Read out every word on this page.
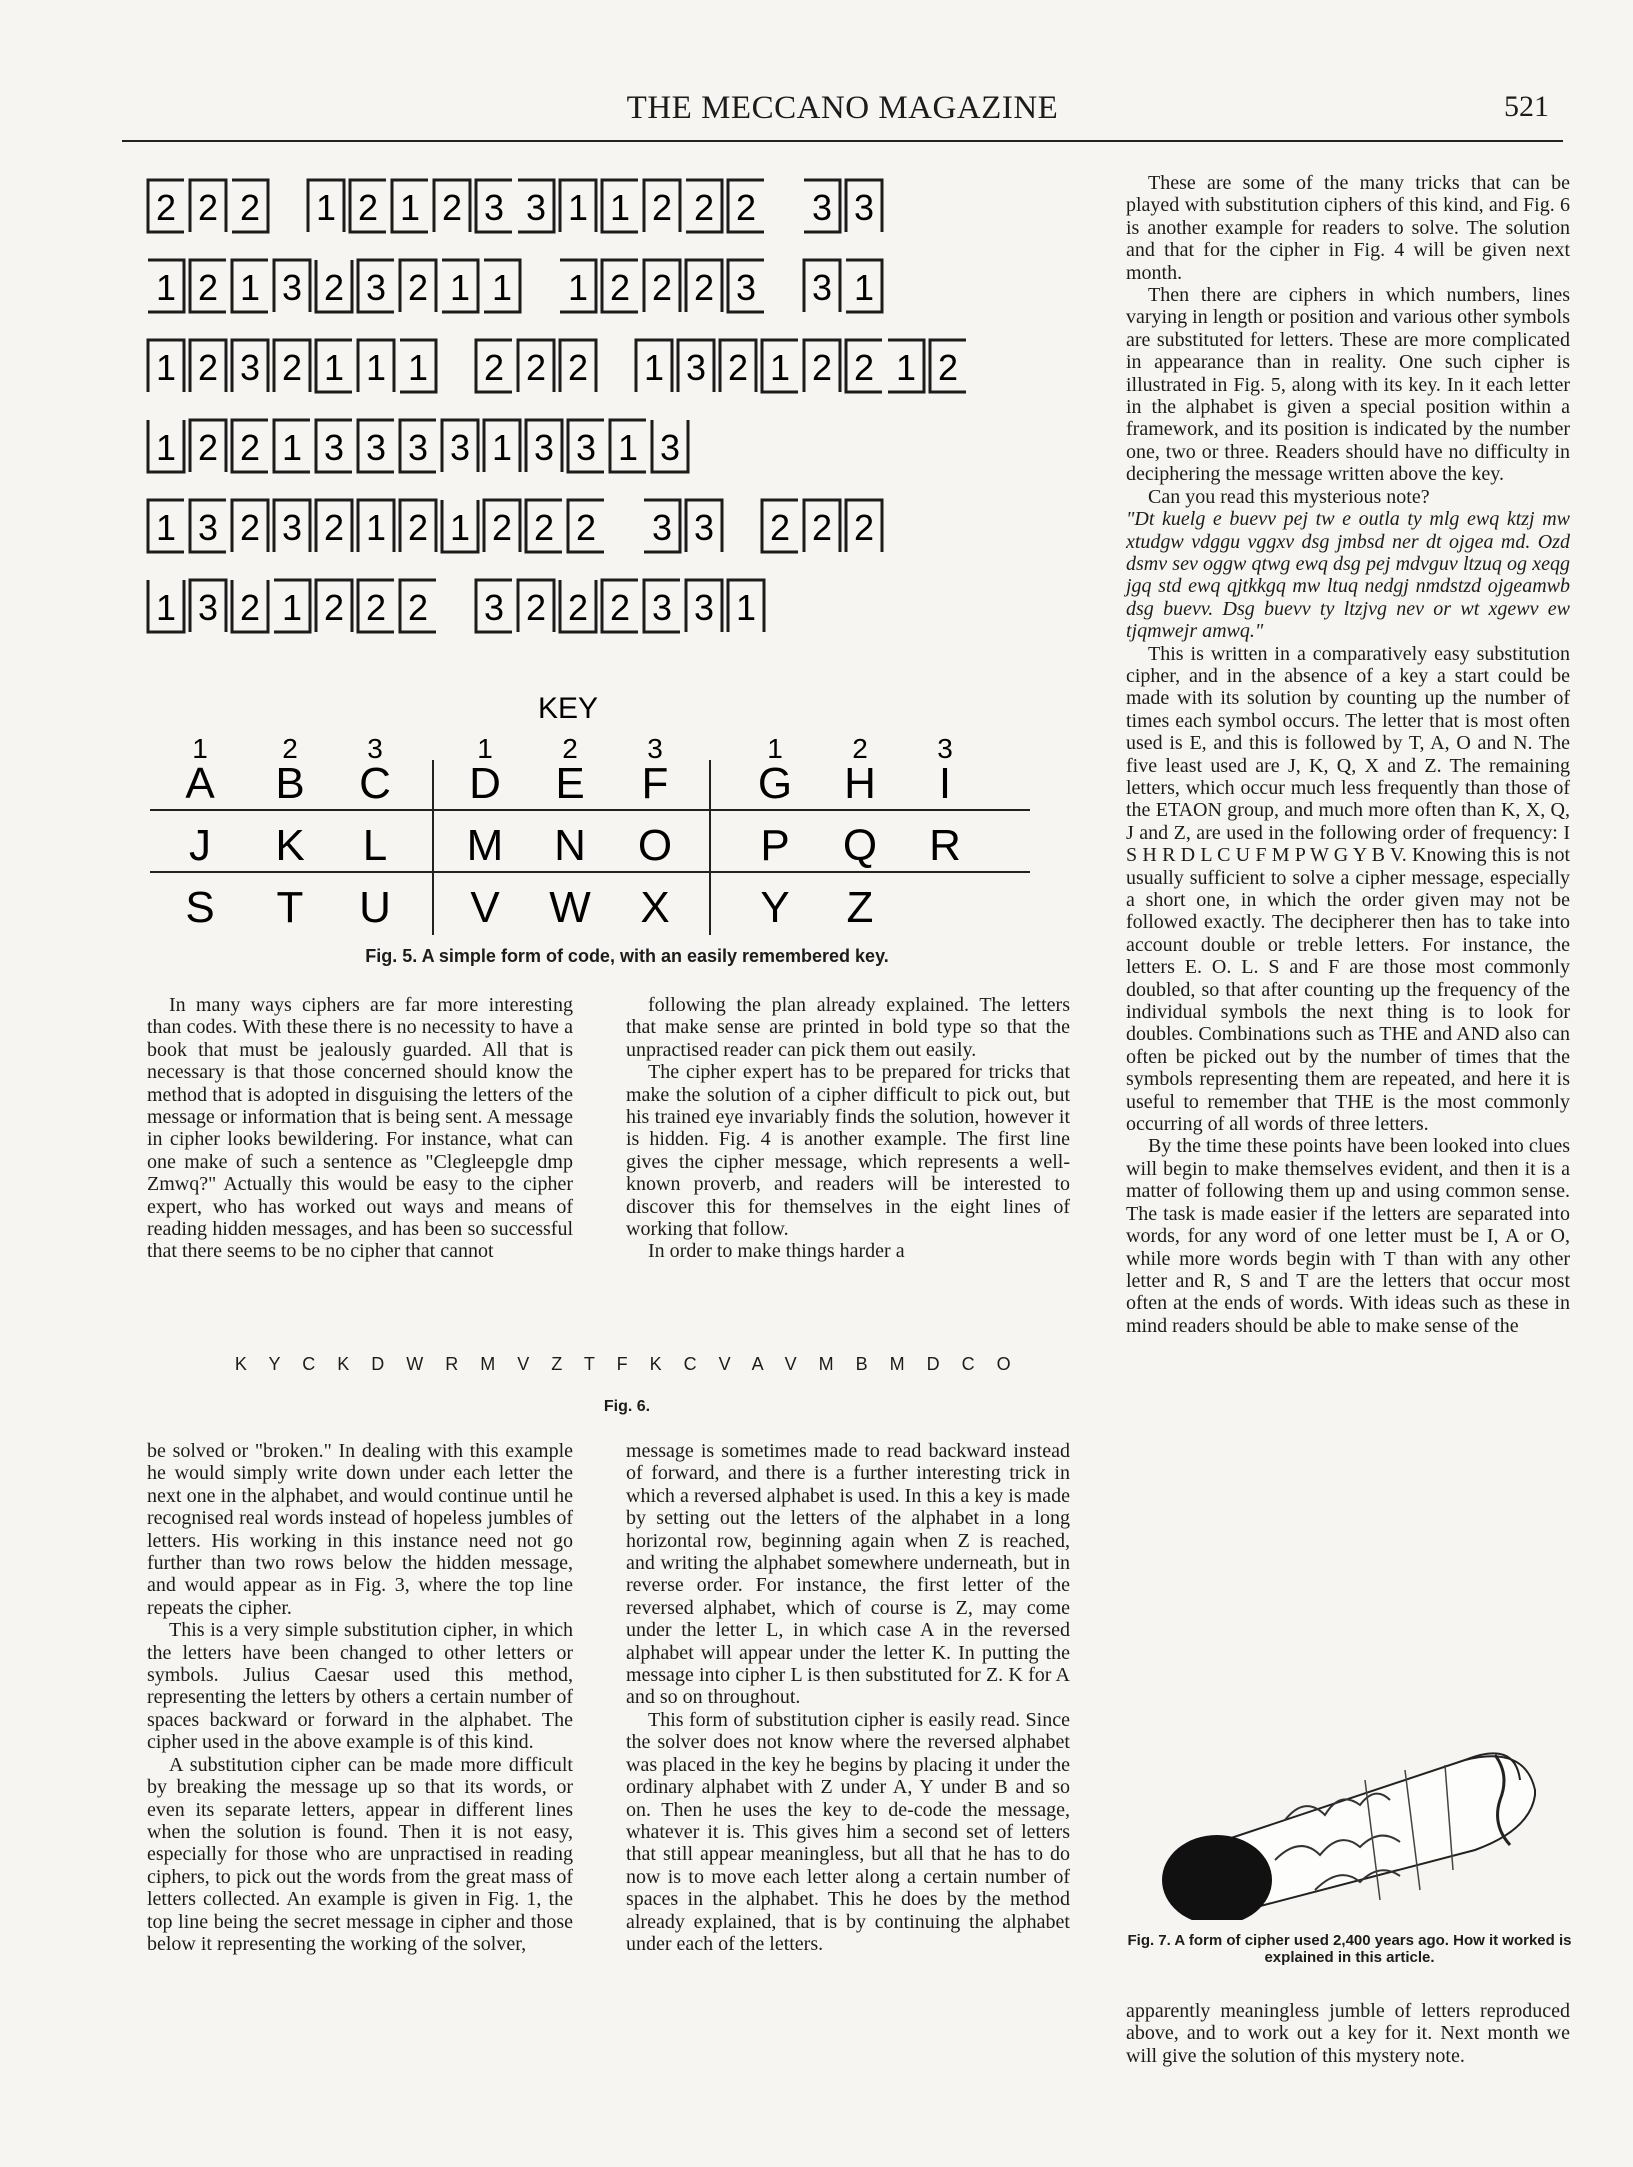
THE MECCANO MAGAZINE	521
2 2 2 1 2 1 2 3 3 1 1 2 2 2 3 3
1 2 1 3 2 3 2 1 1 1 2 2 2 3 3 1
1 2 3 2 1 1 1 2 2 2 1 3 2 1 2 2 1 2
1 2 2 1 3 3 3 3 1 3 3 1 3
1 3 2 3 2 1 2 1 2 2 2 3 3 2 2 2
1 3 2 1 2 2 2 3 2 2 2 3 3 1
KEY
1	2 3	1 2 3	1 2 3
A B C D E F G H I
J K L M N O P Q R
S T U V W X Y Z
Fig. 5. A simple form of code, with an easily remembered key.

In many ways ciphers are far more interesting than codes. With these there is no necessity to have a book that must be jealously guarded. All that is necessary is that those concerned should know the method that is adopted in disguising the letters of the message or information that is being sent. A message in cipher looks bewildering. For instance, what can one make of such a sentence as "Clegleepgle dmp Zmwq?" Actually this would be easy to the cipher expert, who has worked out ways and means of reading hidden messages, and has been so successful that there seems to be no cipher that cannot

following the plan already explained. The letters that make sense are printed in bold type so that the unpractised reader can pick them out easily.

The cipher expert has to be prepared for tricks that make the solution of a cipher difficult to pick out, but his trained eye invariably finds the solution, however it is hidden. Fig. 4 is another example. The first line gives the cipher message, which represents a well-known proverb, and readers will be interested to discover this for themselves in the eight lines of working that follow.

In order to make things harder a

K Y C K D W R M V Z T F K C V A V M B M D C O
Fig. 6.

be solved or "broken." In dealing with this example he would simply write down under each letter the next one in the alphabet, and would continue until he recognised real words instead of hopeless jumbles of letters. His working in this instance need not go further than two rows below the hidden message, and would appear as in Fig. 3, where the top line repeats the cipher.

This is a very simple substitution cipher, in which the letters have been changed to other letters or symbols. Julius Caesar used this method, representing the letters by others a certain number of spaces backward or forward in the alphabet. The cipher used in the above example is of this kind.

A substitution cipher can be made more difficult by breaking the message up so that its words, or even its separate letters, appear in different lines when the solution is found. Then it is not easy, especially for those who are unpractised in reading ciphers, to pick out the words from the great mass of letters collected. An example is given in Fig. 1, the top line being the secret message in cipher and those below it representing the working of the solver,

message is sometimes made to read backward instead of forward, and there is a further interesting trick in which a reversed alphabet is used. In this a key is made by setting out the letters of the alphabet in a long horizontal row, beginning again when Z is reached, and writing the alphabet somewhere underneath, but in reverse order. For instance, the first letter of the reversed alphabet, which of course is Z, may come under the letter L, in which case A in the reversed alphabet will appear under the letter K. In putting the message into cipher L is then substituted for Z. K for A and so on throughout.

This form of substitution cipher is easily read. Since the solver does not know where the reversed alphabet was placed in the key he begins by placing it under the ordinary alphabet with Z under A, Y under B and so on. Then he uses the key to de-code the message, whatever it is. This gives him a second set of letters that still appear meaningless, but all that he has to do now is to move each letter along a certain number of spaces in the alphabet. This he does by the method already explained, that is by continuing the alphabet under each of the letters.

These are some of the many tricks that can be played with substitution ciphers of this kind, and Fig. 6 is another example for readers to solve. The solution and that for the cipher in Fig. 4 will be given next month.

Then there are ciphers in which numbers, lines varying in length or position and various other symbols are substituted for letters. These are more complicated in appearance than in reality. One such cipher is illustrated in Fig. 5, along with its key. In it each letter in the alphabet is given a special position within a framework, and its position is indicated by the number one, two or three. Readers should have no difficulty in deciphering the message written above the key.

Can you read this mysterious note?

"Dt kuelg e buevv pej tw e outla ty mlg ewq ktzj mw xtudgw vdggu vggxv dsg jmbsd ner dt ojgea md. Ozd dsmv sev oggw qtwg ewq dsg pej mdvguv ltzuq og xeqg jgq std ewq qjtkkgq mw ltuq nedgj nmdstzd ojgeamwb dsg buevv. Dsg buevv ty ltzjvg nev or wt xgewv ew tjqmwejr amwq."

This is written in a comparatively easy substitution cipher, and in the absence of a key a start could be made with its solution by counting up the number of times each symbol occurs. The letter that is most often used is E, and this is followed by T, A, O and N. The five least used are J, K, Q, X and Z. The remaining letters, which occur much less frequently than those of the ETAON group, and much more often than K, X, Q, J and Z, are used in the following order of frequency: I S H R D L C U F M P W G Y B V. Knowing this is not usually sufficient to solve a cipher message, especially a short one, in which the order given may not be followed exactly. The decipherer then has to take into account double or treble letters. For instance, the letters E. O. L. S and F are those most commonly doubled, so that after counting up the frequency of the individual symbols the next thing is to look for doubles. Combinations such as THE and AND also can often be picked out by the number of times that the symbols representing them are repeated, and here it is useful to remember that THE is the most commonly occurring of all words of three letters.

By the time these points have been looked into clues will begin to make themselves evident, and then it is a matter of following them up and using common sense. The task is made easier if the letters are separated into words, for any word of one letter must be I, A or O, while more words begin with T than with any other letter and R, S and T are the letters that occur most often at the ends of words. With ideas such as these in mind readers should be able to make sense of the

apparently meaningless jumble of letters reproduced above, and to work out a key for it. Next month we will give the solution of this mystery note.

Fig. 7. A form of cipher used 2,400 years ago. How it worked is explained in this article.
